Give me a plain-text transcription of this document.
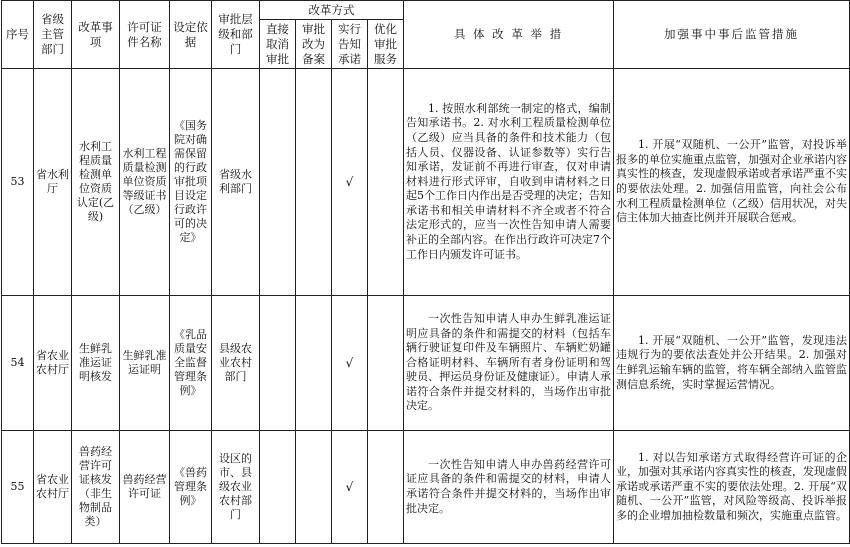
序号	省级主管部门	改革事项	许可证件名称	设定依据	审批层级和部门	改革方式				具 体 改 革 举 措	加强事中事后监管措施
						直接取消审批	审批改为备案	实行告知承诺	优化审批服务		
53	省水利厅	水利工程质量检测单位资质认定(乙级)	水利工程质量检测单位资质等级证书（乙级）	《国务院对确需保留的行政审批项目设定行政许可的决定》	省级水利部门			√		1. 按照水利部统一制定的格式，编制告知承诺书。2. 对水利工程质量检测单位（乙级）应当具备的条件和技术能力（包括人员、仪器设备、认证参数等）实行告知承诺，发证前不再进行审查，仅对申请材料进行形式评审，自收到申请材料之日起5个工作日内作出是否受理的决定；告知承诺书和相关申请材料不齐全或者不符合法定形式的，应当一次性告知申请人需要补正的全部内容。在作出行政许可决定7个工作日内颁发许可证书。	1. 开展“双随机、一公开”监管，对投诉举报多的单位实施重点监管，加强对企业承诺内容真实性的核查，发现虚假承诺或者承诺严重不实的要依法处理。2. 加强信用监管，向社会公布水利工程质量检测单位（乙级）信用状况，对失信主体加大抽查比例并开展联合惩戒。
54	省农业农村厅	生鲜乳准运证明核发	生鲜乳准运证明	《乳品质量安全监督管理条例》	县级农业农村部门			√		一次性告知申请人申办生鲜乳准运证明应具备的条件和需提交的材料（包括车辆行驶证复印件及车辆照片、车辆贮奶罐合格证明材料、车辆所有者身份证明和驾驶员、押运员身份证及健康证）。申请人承诺符合条件并提交材料的，当场作出审批决定。	1. 开展“双随机、一公开”监管，发现违法违规行为的要依法查处并公开结果。2. 加强对生鲜乳运输车辆的监管，将车辆全部纳入监管监测信息系统，实时掌握运营情况。
55	省农业农村厅	兽药经营许可证核发（非生物制品类）	兽药经营许可证	《兽药管理条例》	设区的市、县级农业农村部门			√		一次性告知申请人申办兽药经营许可证应具备的条件和需提交的材料，申请人承诺符合条件并提交材料的，当场作出审批决定。	1. 对以告知承诺方式取得经营许可证的企业，加强对其承诺内容真实性的核查，发现虚假承诺或承诺严重不实的要依法处理。2. 开展“双随机、一公开”监管，对风险等级高、投诉举报多的企业增加抽检数量和频次，实施重点监管。
